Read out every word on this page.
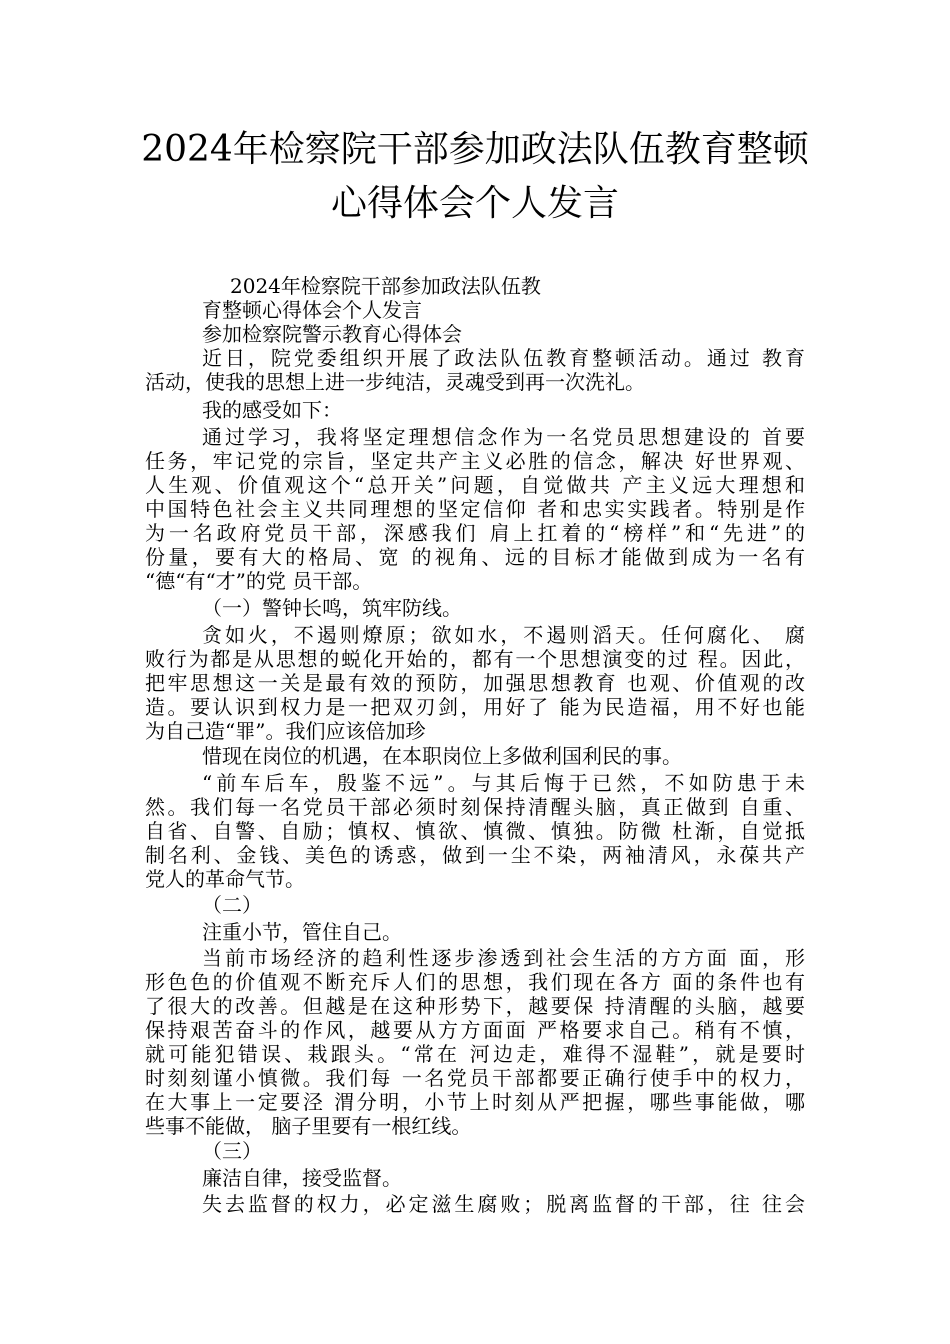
2024年检察院干部参加政法队伍教育整顿
心得体会个人发言
2024年检察院干部参加政法队伍教
育整顿心得体会个人发言
参加检察院警示教育心得体会
近日，院党委组织开展了政法队伍教育整顿活动。通过 教育
活动，使我的思想上进一步纯洁，灵魂受到再一次洗礼。
我的感受如下：
通过学习，我将坚定理想信念作为一名党员思想建设的 首要
任务，牢记党的宗旨，坚定共产主义必胜的信念，解决 好世界观、
人生观、价值观这个“总开关”问题，自觉做共 产主义远大理想和
中国特色社会主义共同理想的坚定信仰 者和忠实实践者。特别是作
为一名政府党员干部，深感我们 肩上扛着的“榜样”和“先进”的
份量，要有大的格局、宽 的视角、远的目标才能做到成为一名有
“德“有“才”的党 员干部。
（一）警钟长鸣，筑牢防线。
贪如火，不遏则燎原；欲如水，不遏则滔天。任何腐化、 腐
败行为都是从思想的蜕化开始的，都有一个思想演变的过 程。因此，
把牢思想这一关是最有效的预防，加强思想教育 也观、价值观的改
造。要认识到权力是一把双刃剑，用好了 能为民造福，用不好也能
为自己造“罪”。我们应该倍加珍
惜现在岗位的机遇，在本职岗位上多做利国利民的事。
“前车后车，殷鉴不远”。与其后悔于已然，不如防患于未
然。我们每一名党员干部必须时刻保持清醒头脑，真正做到 自重、
自省、自警、自励；慎权、慎欲、慎微、慎独。防微 杜渐，自觉抵
制名利、金钱、美色的诱惑，做到一尘不染，两袖清风，永葆共产
党人的革命气节。
（二）
注重小节，管住自己。
当前市场经济的趋利性逐步渗透到社会生活的方方面 面，形
形色色的价值观不断充斥人们的思想，我们现在各方 面的条件也有
了很大的改善。但越是在这种形势下，越要保 持清醒的头脑，越要
保持艰苦奋斗的作风，越要从方方面面 严格要求自己。稍有不慎，
就可能犯错误、栽跟头。“常在 河边走，难得不湿鞋”，就是要时
时刻刻谨小慎微。我们每 一名党员干部都要正确行使手中的权力，
在大事上一定要泾 渭分明，小节上时刻从严把握，哪些事能做，哪
些事不能做， 脑子里要有一根红线。
（三）
廉洁自律，接受监督。
失去监督的权力，必定滋生腐败；脱离监督的干部，往 往会
